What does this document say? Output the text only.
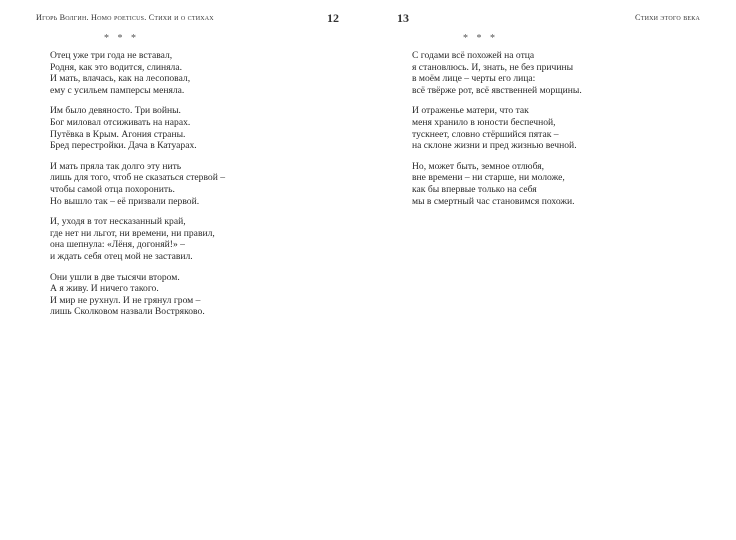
Игорь Волгин. Homo poeticus. Стихи и о стихах	12
* * *
Отец уже три года не вставал,
Родня, как это водится, слиняла.
И мать, влачась, как на лесоповал,
ему с усильем памперсы меняла.
Им было девяносто. Три войны.
Бог миловал отсиживать на нарах.
Путёвка в Крым. Агония страны.
Бред перестройки. Дача в Катуарах.
И мать пряла так долго эту нить
лишь для того, чтоб не сказаться стервой –
чтобы самой отца похоронить.
Но вышло так – её призвали первой.
И, уходя в тот несказанный край,
где нет ни льгот, ни времени, ни правил,
она шепнула: «Лёня, догоняй!» –
и ждать себя отец мой не заставил.
Они ушли в две тысячи втором.
А я живу. И ничего такого.
И мир не рухнул. И не грянул гром –
лишь Сколковом назвали Востряково.
13	Стихи этого века
* * *
С годами всё похожей на отца
я становлюсь. И, знать, не без причины
в моём лице – черты его лица:
всё твёрже рот, всё явственней морщины.
И отраженье матери, что так
меня хранило в юности беспечной,
тускнеет, словно стёршийся пятак –
на склоне жизни и пред жизнью вечной.
Но, может быть, земное отлюбя,
вне времени – ни старше, ни моложе,
как бы впервые только на себя
мы в смертный час становимся похожи.
